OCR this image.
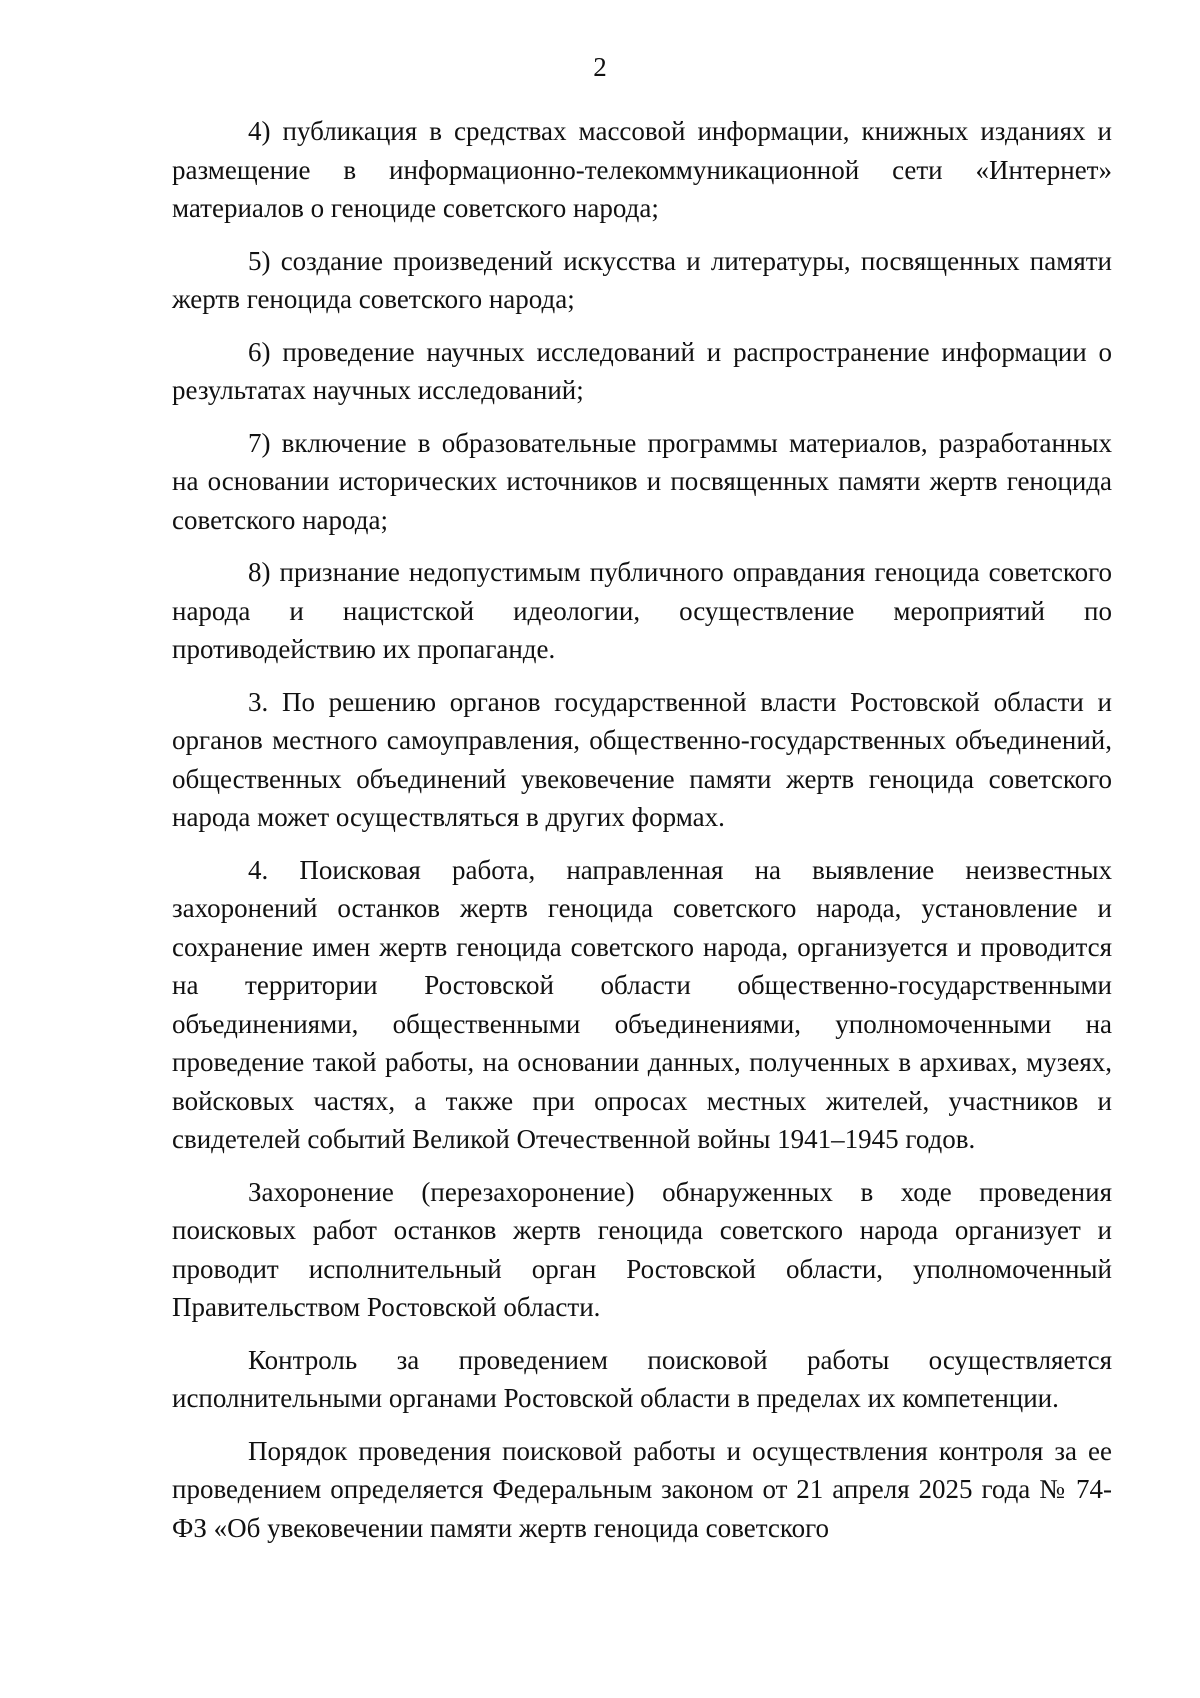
2

4) публикация в средствах массовой информации, книжных изданиях и размещение в информационно-телекоммуникационной сети «Интернет» материалов о геноциде советского народа;

5) создание произведений искусства и литературы, посвященных памяти жертв геноцида советского народа;

6) проведение научных исследований и распространение информации о результатах научных исследований;

7) включение в образовательные программы материалов, разработанных на основании исторических источников и посвященных памяти жертв геноцида советского народа;

8) признание недопустимым публичного оправдания геноцида советского народа и нацистской идеологии, осуществление мероприятий по противодействию их пропаганде.

3. По решению органов государственной власти Ростовской области и органов местного самоуправления, общественно-государственных объединений, общественных объединений увековечение памяти жертв геноцида советского народа может осуществляться в других формах.

4. Поисковая работа, направленная на выявление неизвестных захоронений останков жертв геноцида советского народа, установление и сохранение имен жертв геноцида советского народа, организуется и проводится на территории Ростовской области общественно-государственными объединениями, общественными объединениями, уполномоченными на проведение такой работы, на основании данных, полученных в архивах, музеях, войсковых частях, а также при опросах местных жителей, участников и свидетелей событий Великой Отечественной войны 1941–1945 годов.

Захоронение (перезахоронение) обнаруженных в ходе проведения поисковых работ останков жертв геноцида советского народа организует и проводит исполнительный орган Ростовской области, уполномоченный Правительством Ростовской области.

Контроль за проведением поисковой работы осуществляется исполнительными органами Ростовской области в пределах их компетенции.

Порядок проведения поисковой работы и осуществления контроля за ее проведением определяется Федеральным законом от 21 апреля 2025 года № 74-ФЗ «Об увековечении памяти жертв геноцида советского
